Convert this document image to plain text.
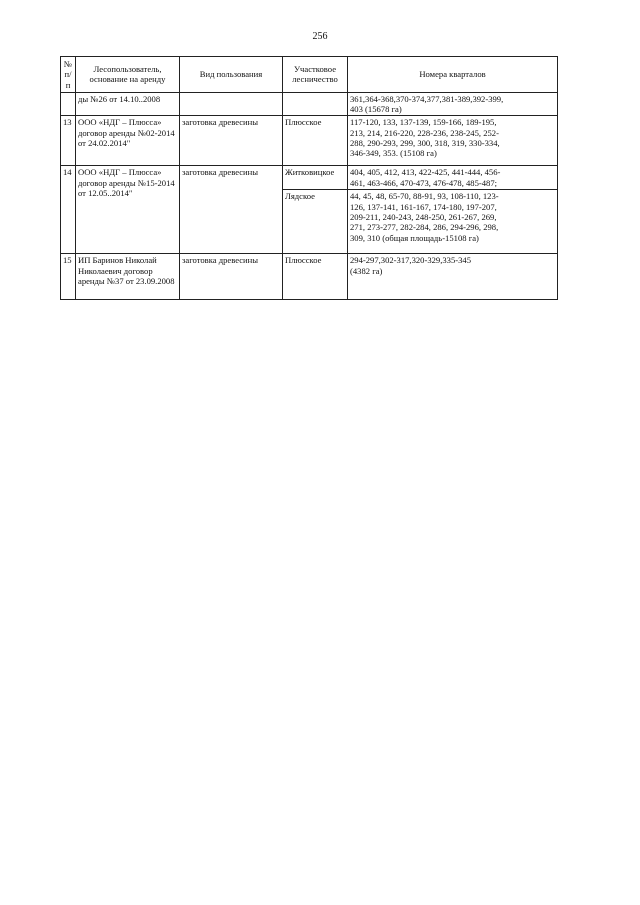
256
№
п/п	Лесопользователь, основание на аренду	Вид пользования	Участковое лесничество	Номера кварталов
	ды №26 от 14.10..2008			361,364-368,370-374,377,381-389,392-399,
403 (15678 га)
13	ООО «НДГ – Плюсса» договор аренды №02-2014 от 24.02.2014"	заготовка древесины	Плюсское	117-120, 133, 137-139, 159-166, 189-195,
213, 214, 216-220, 228-236, 238-245, 252-
288, 290-293, 299, 300, 318, 319, 330-334,
346-349, 353. (15108 га)
14	ООО «НДГ – Плюсса» договор аренды №15-2014 от 12.05..2014"	заготовка древесины	Житковицкое	404, 405, 412, 413, 422-425, 441-444, 456-
461, 463-466, 470-473, 476-478, 485-487;
			Лядское	44, 45, 48, 65-70, 88-91, 93, 108-110, 123-
126, 137-141, 161-167, 174-180, 197-207,
209-211, 240-243, 248-250, 261-267, 269,
271, 273-277, 282-284, 286, 294-296, 298,
309, 310 (общая площадь-15108 га)
15	ИП Баринов Николай Николаевич договор аренды №37 от 23.09.2008	заготовка древесины	Плюсское	294-297,302-317,320-329,335-345
(4382 га)
